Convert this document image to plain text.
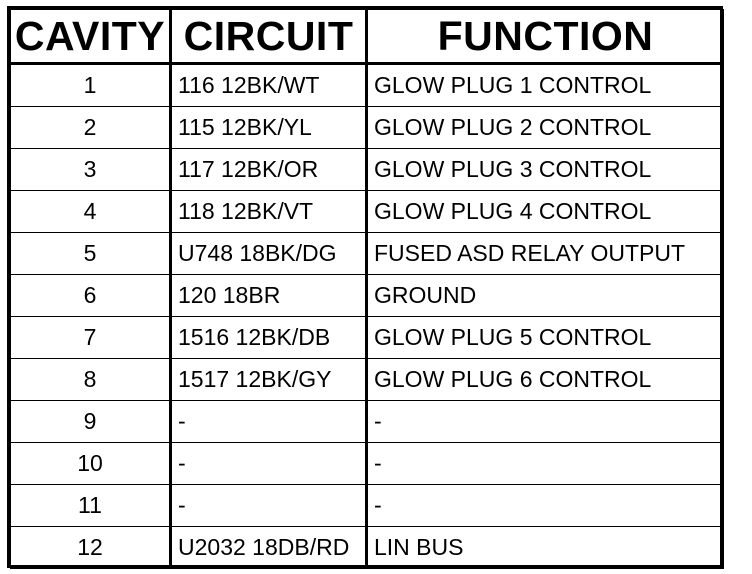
CAVITY	CIRCUIT	FUNCTION
1	116 12BK/WT	GLOW PLUG 1 CONTROL
2	115 12BK/YL	GLOW PLUG 2 CONTROL
3	117 12BK/OR	GLOW PLUG 3 CONTROL
4	118 12BK/VT	GLOW PLUG 4 CONTROL
5	U748 18BK/DG	FUSED ASD RELAY OUTPUT
6	120 18BR	GROUND
7	1516 12BK/DB	GLOW PLUG 5 CONTROL
8	1517 12BK/GY	GLOW PLUG 6 CONTROL
9	-	-
10	-	-
11	-	-
12	U2032 18DB/RD	LIN BUS
